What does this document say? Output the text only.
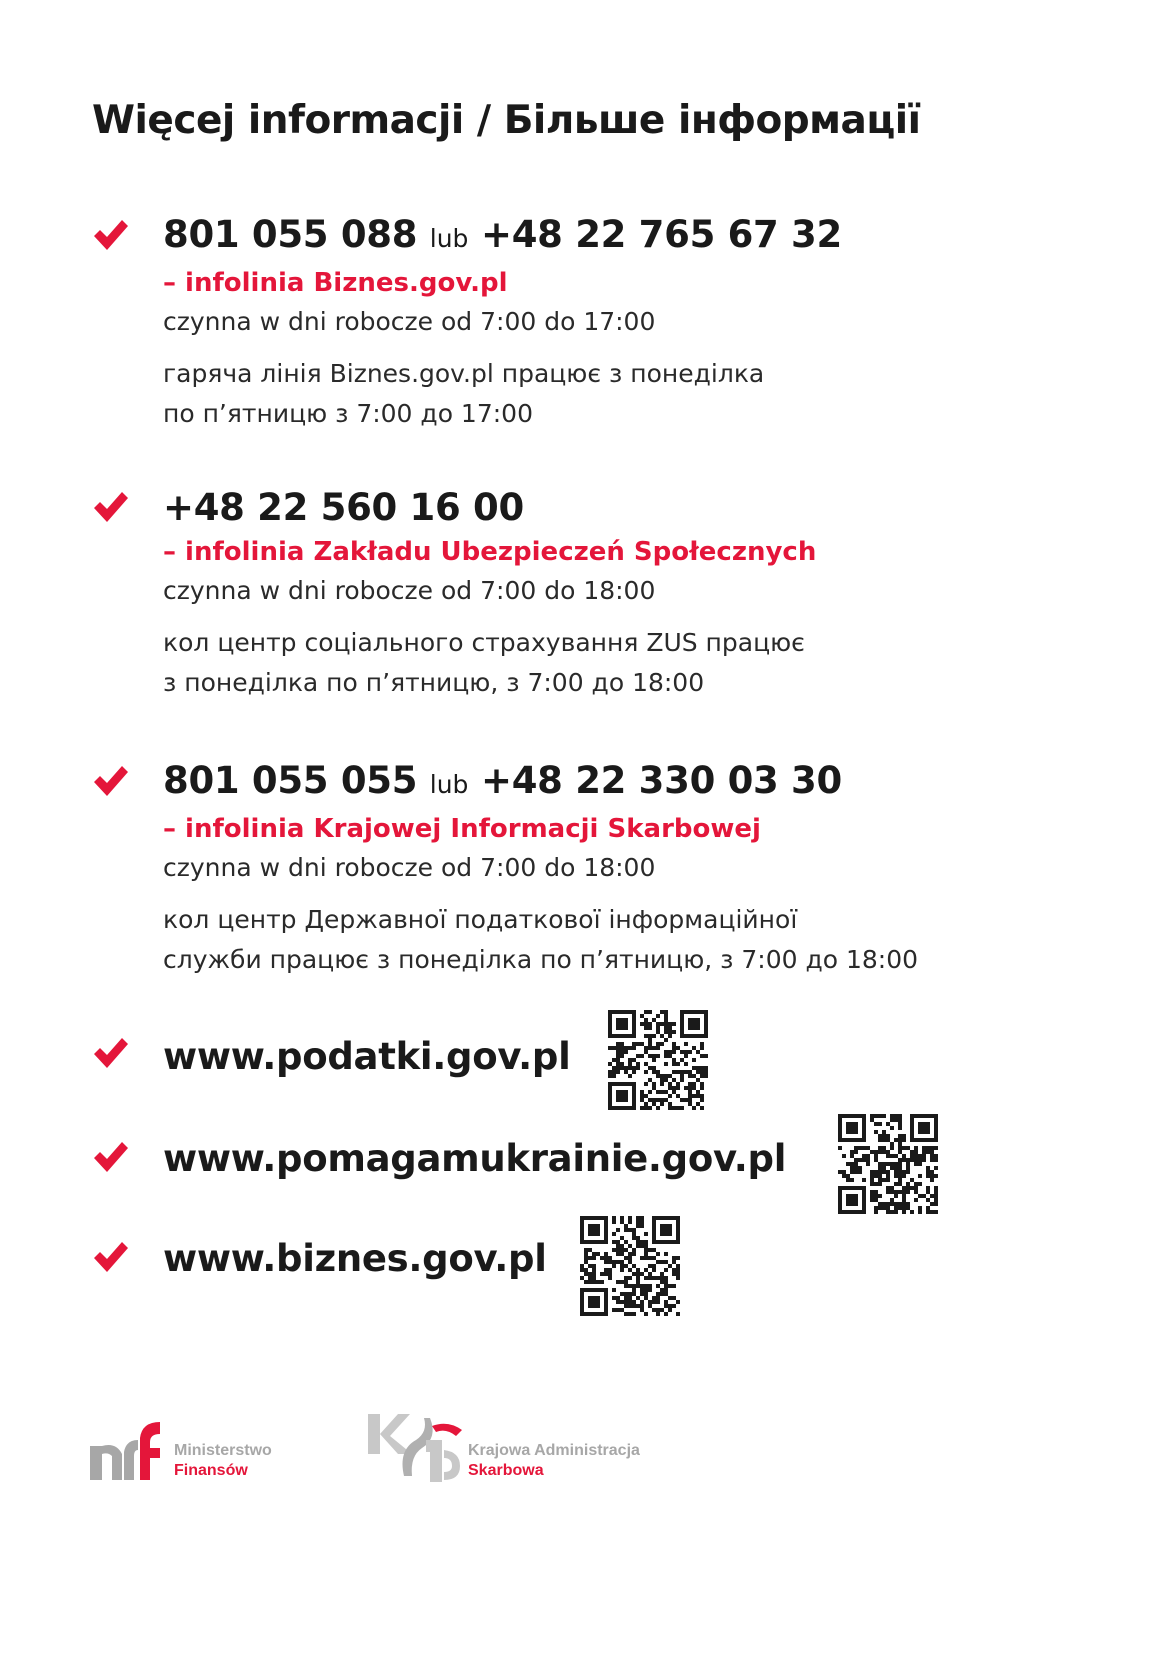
Więcej informacji / Більше інформації
801 055 088 lub +48 22 765 67 32
– infolinia Biznes.gov.pl
czynna w dni robocze od 7:00 do 17:00
гаряча лінія Biznes.gov.pl працює з понеділка
по п’ятницю з 7:00 до 17:00
+48 22 560 16 00
– infolinia Zakładu Ubezpieczeń Społecznych
czynna w dni robocze od 7:00 do 18:00
кол центр соціального страхування ZUS працює
з понеділка по п’ятницю, з 7:00 до 18:00
801 055 055 lub +48 22 330 03 30
– infolinia Krajowej Informacji Skarbowej
czynna w dni robocze od 7:00 do 18:00
кол центр Державної податкової інформаційної
служби працює з понеділка по п’ятницю, з 7:00 до 18:00
www.podatki.gov.pl
www.pomagamukrainie.gov.pl
www.biznes.gov.pl
Ministerstwo
Finansów
Krajowa Administracja
Skarbowa
